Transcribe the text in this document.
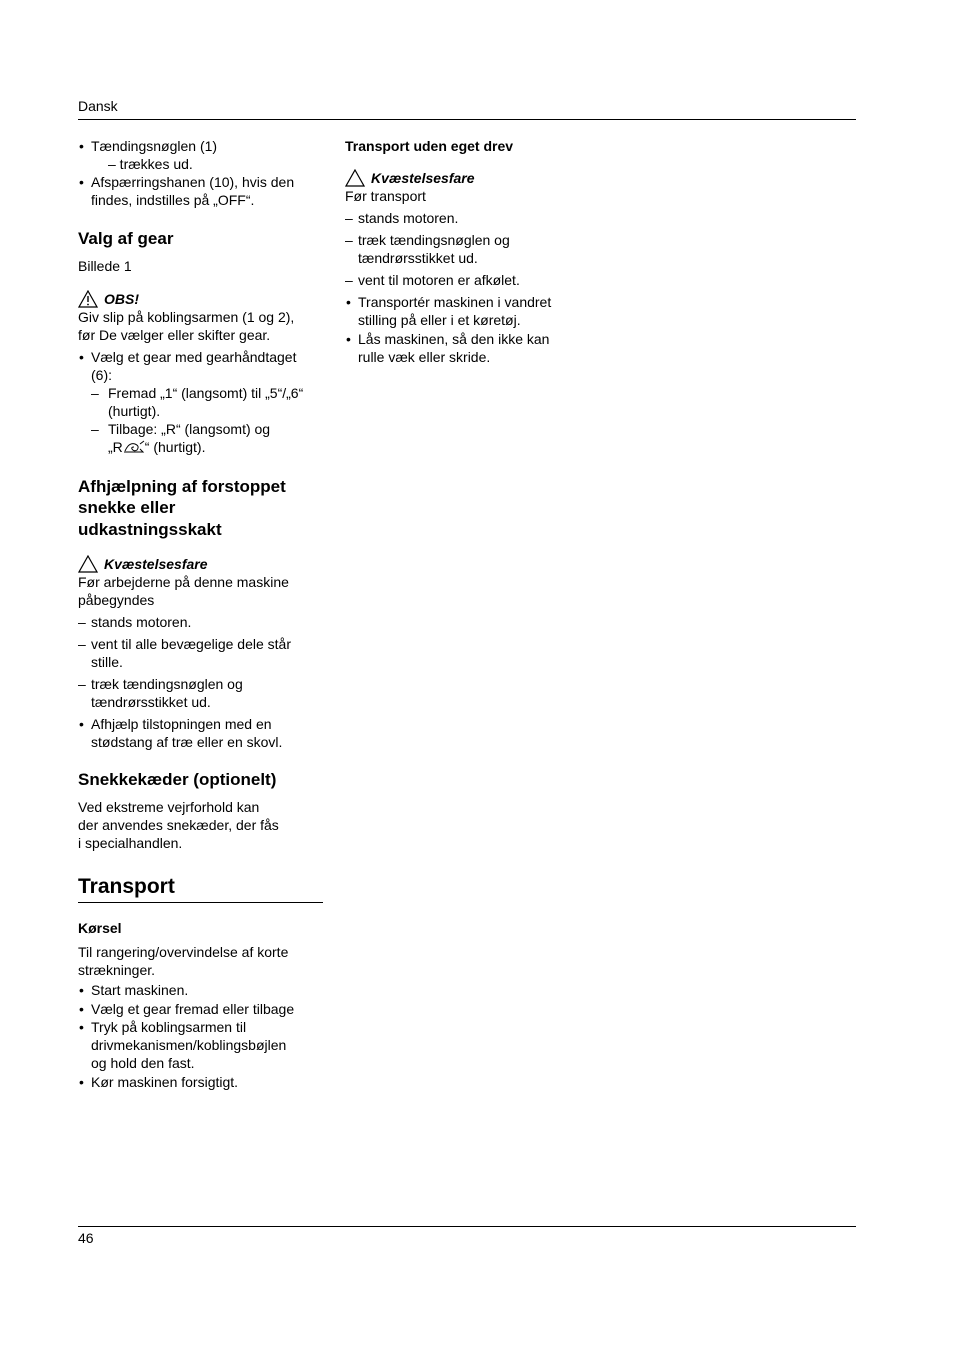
Dansk
• Tændingsnøglen (1)
– trækkes ud.
• Afspærringshanen (10), hvis den
findes, indstilles på „OFF“.
Valg af gear
Billede 1
OBS!
Giv slip på koblingsarmen (1 og 2),
før De vælger eller skifter gear.
• Vælg et gear med gearhåndtaget
(6):
– Fremad „1“ (langsomt) til „5“/„6“
(hurtigt).
– Tilbage: „R“ (langsomt) og
„R “ (hurtigt).
Afhjælpning af forstoppet
snekke eller
udkastningsskakt
Kvæstelsesfare
Før arbejderne på denne maskine
påbegyndes
– stands motoren.
– vent til alle bevægelige dele står
stille.
– træk tændingsnøglen og
tændrørsstikket ud.
• Afhjælp tilstopningen med en
stødstang af træ eller en skovl.
Snekkekæder (optionelt)
Ved ekstreme vejrforhold kan
der anvendes snekæder, der fås
i specialhandlen.
Transport
Kørsel
Til rangering/overvindelse af korte
strækninger.
• Start maskinen.
• Vælg et gear fremad eller tilbage
• Tryk på koblingsarmen til
drivmekanismen/koblingsbøjlen
og hold den fast.
• Kør maskinen forsigtigt.
Transport uden eget drev
Kvæstelsesfare
Før transport
– stands motoren.
– træk tændingsnøglen og
tændrørsstikket ud.
– vent til motoren er afkølet.
• Transportér maskinen i vandret
stilling på eller i et køretøj.
• Lås maskinen, så den ikke kan
rulle væk eller skride.
46
